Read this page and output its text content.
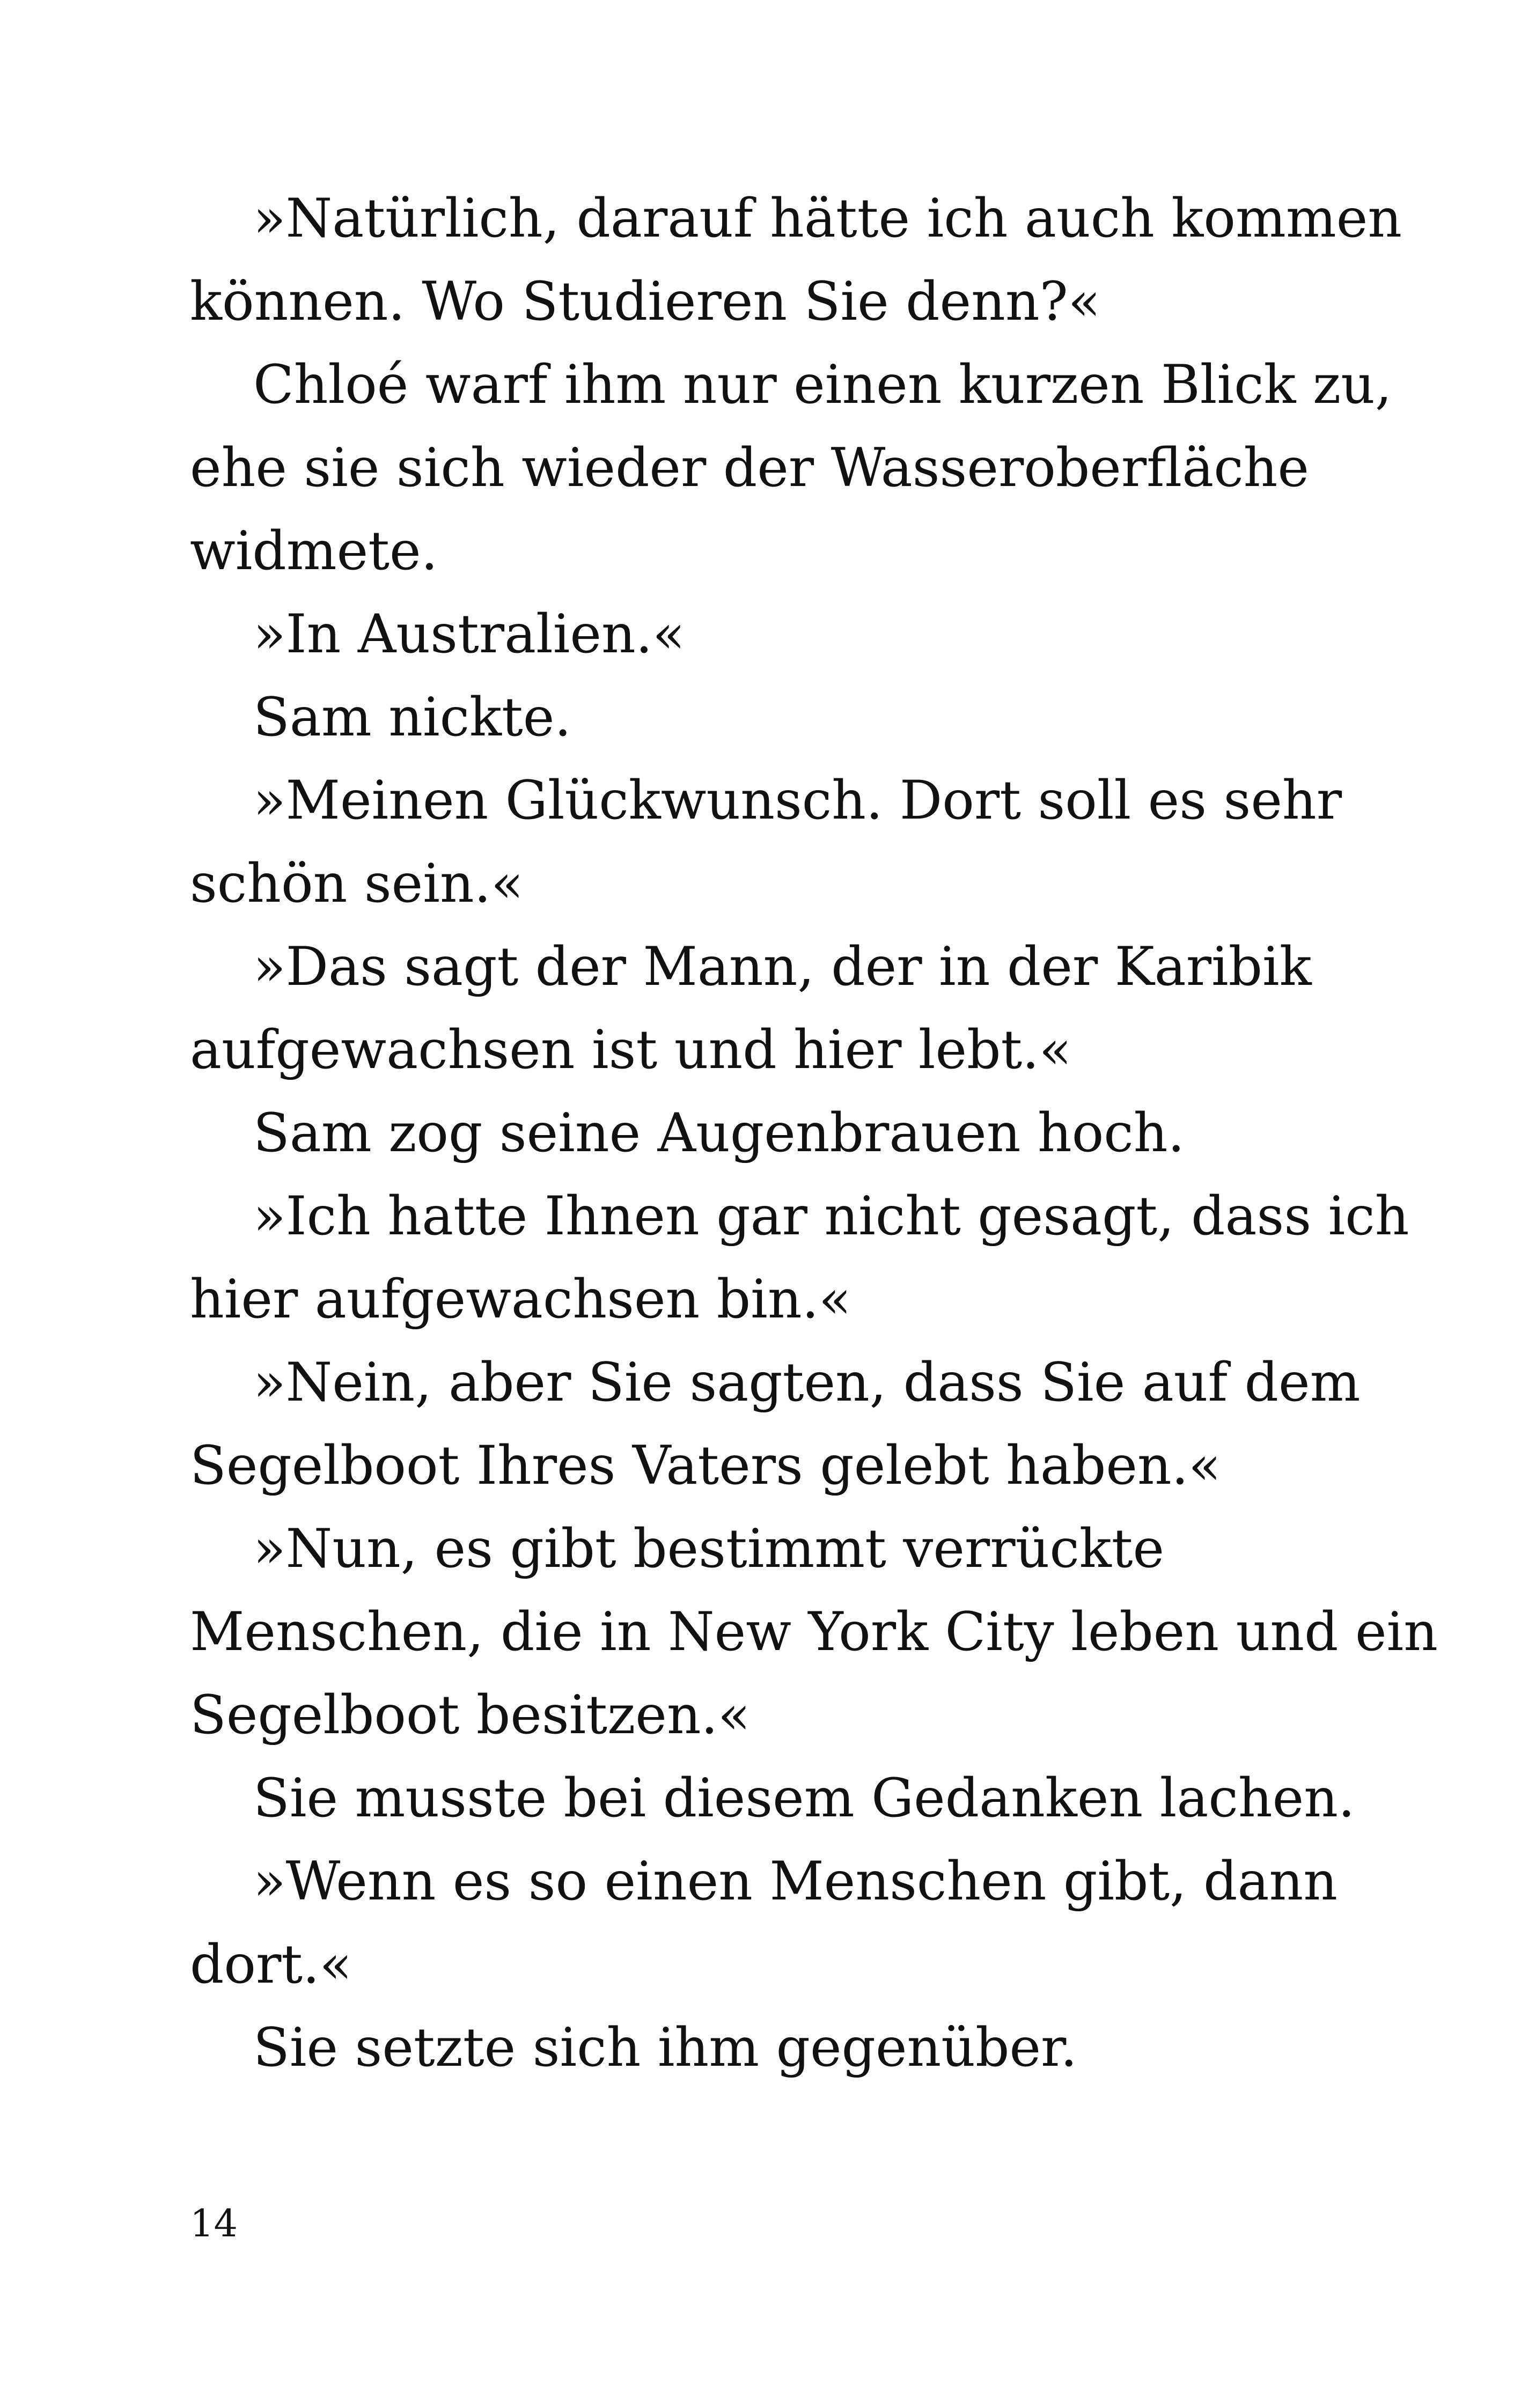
»Natürlich, darauf hätte ich auch kommen
können. Wo Studieren Sie denn?«

Chloé warf ihm nur einen kurzen Blick zu,
ehe sie sich wieder der Wasseroberfläche
widmete.

»In Australien.«

Sam nickte.

»Meinen Glückwunsch. Dort soll es sehr
schön sein.«

»Das sagt der Mann, der in der Karibik
aufgewachsen ist und hier lebt.«

Sam zog seine Augenbrauen hoch.

»Ich hatte Ihnen gar nicht gesagt, dass ich
hier aufgewachsen bin.«

»Nein, aber Sie sagten, dass Sie auf dem
Segelboot Ihres Vaters gelebt haben.«

»Nun, es gibt bestimmt verrückte
Menschen, die in New York City leben und ein
Segelboot besitzen.«

Sie musste bei diesem Gedanken lachen.

»Wenn es so einen Menschen gibt, dann
dort.«

Sie setzte sich ihm gegenüber.

14
